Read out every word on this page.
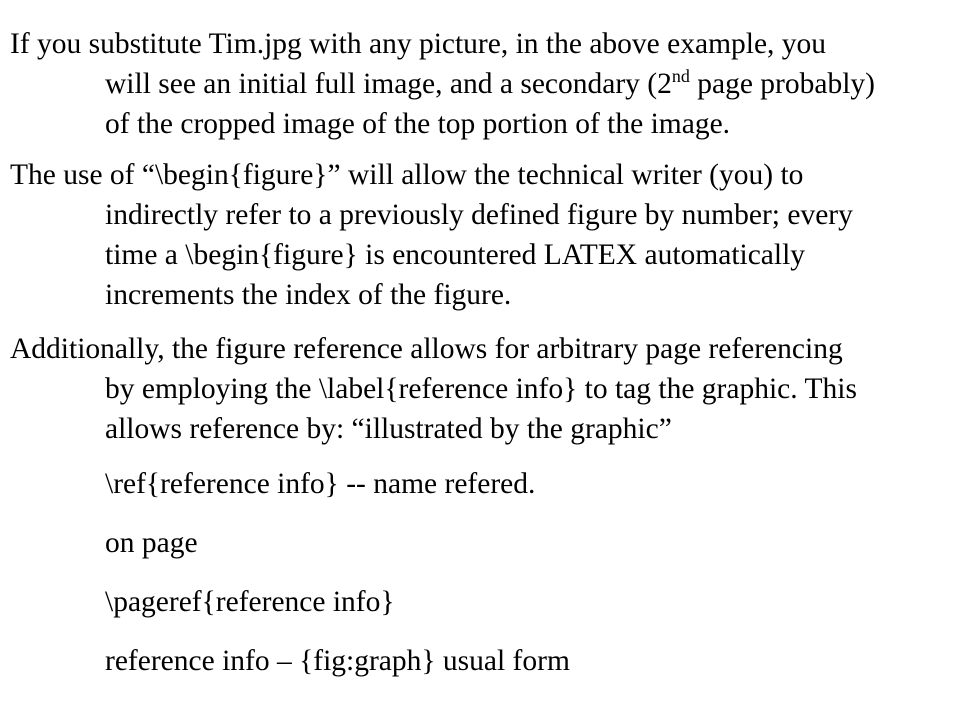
If you substitute Tim.jpg with any picture, in the above example, you
will see an initial full image, and a secondary (2nd page probably)
of the cropped image of the top portion of the image.

The use of “\begin{figure}” will allow the technical writer (you) to
indirectly refer to a previously defined figure by number; every
time a \begin{figure} is encountered LATEX automatically
increments the index of the figure.

Additionally, the figure reference allows for arbitrary page referencing
by employing the \label{reference info} to tag the graphic. This
allows reference by: “illustrated by the graphic”

\ref{reference info} -- name refered.
on page
\pageref{reference info}
reference info – {fig:graph} usual form
